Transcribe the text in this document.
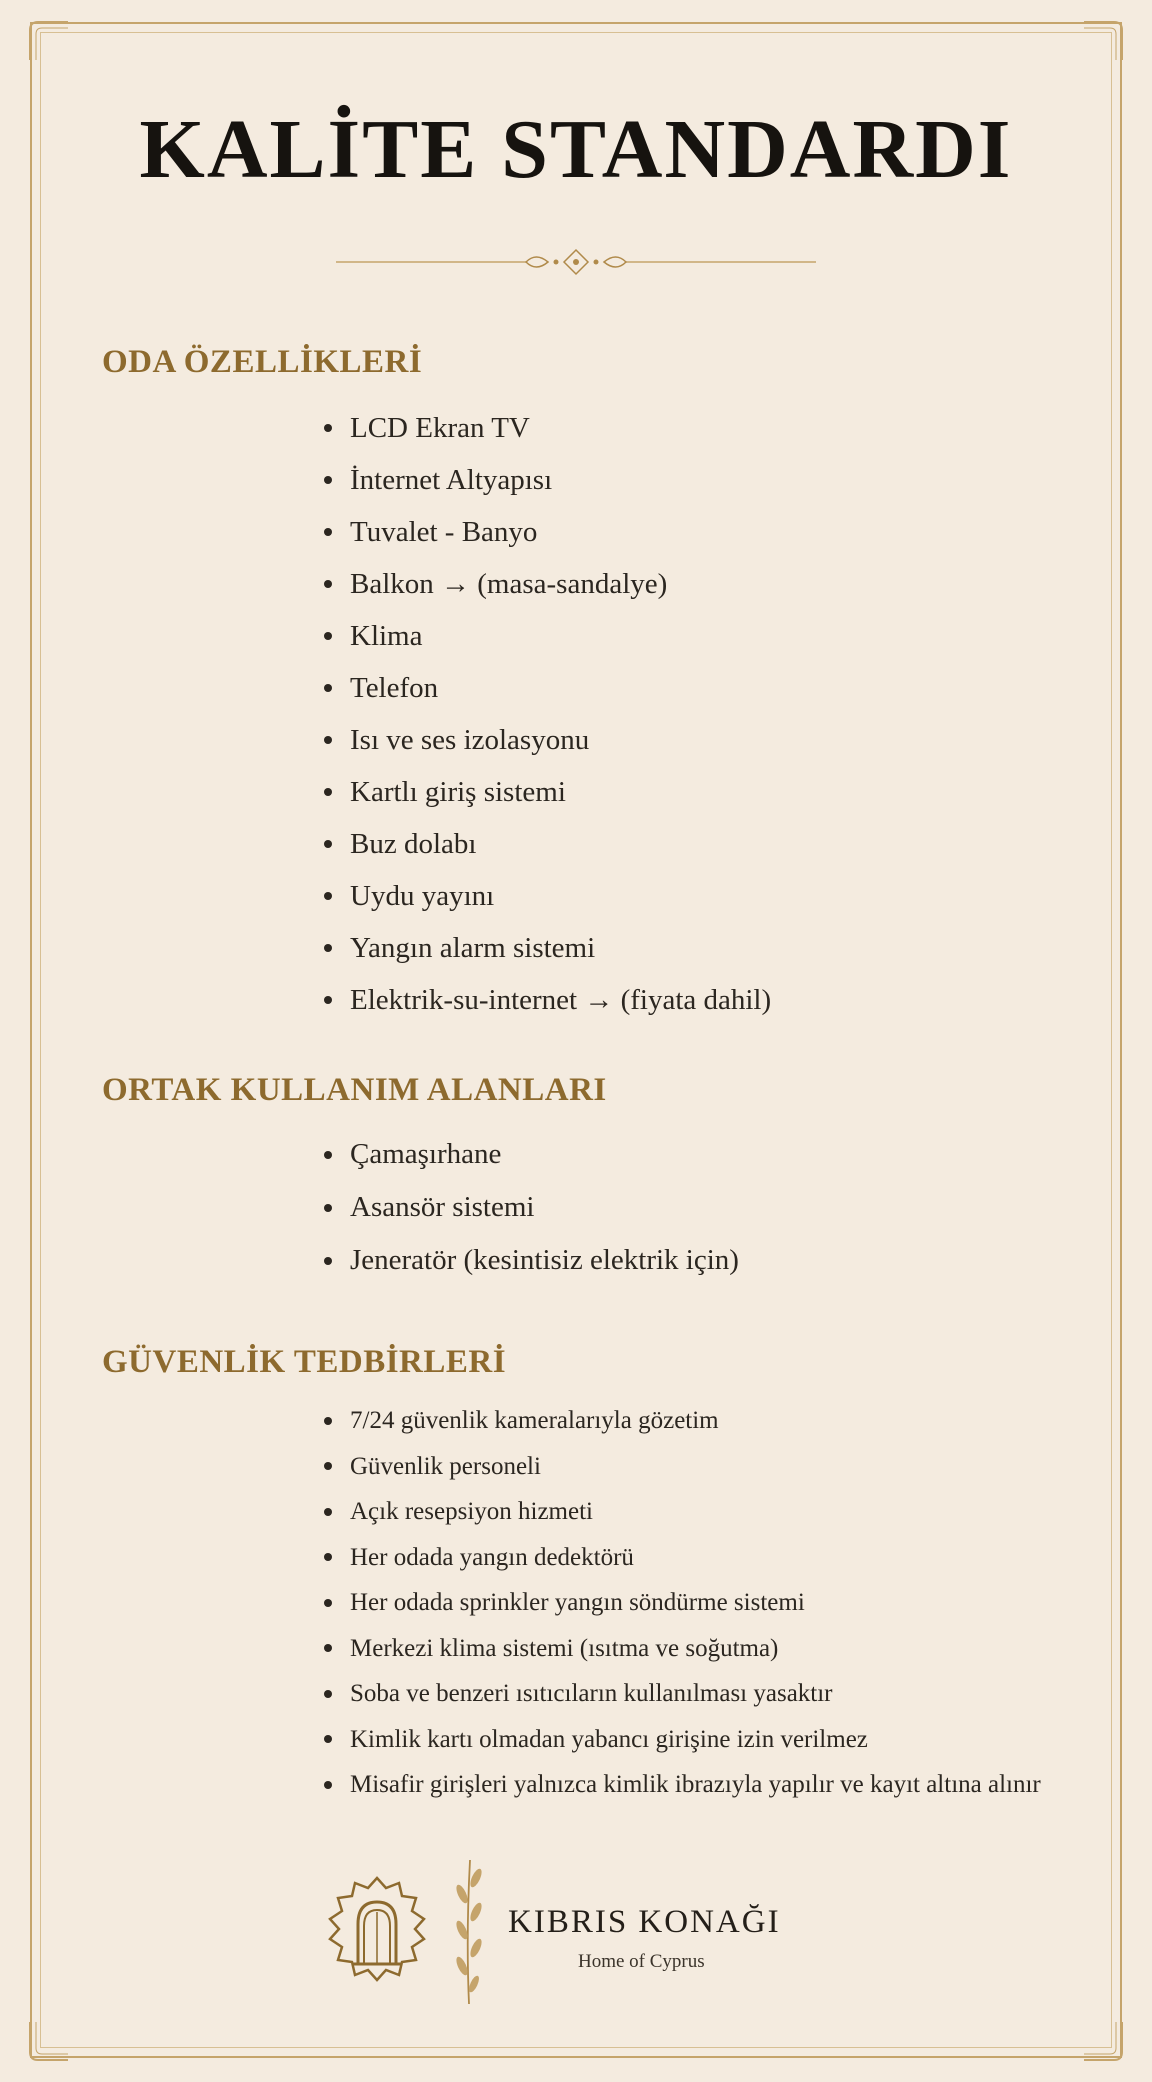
KALİTE STANDARDI
ODA ÖZELLİKLERİ
LCD Ekran TV
İnternet Altyapısı
Tuvalet - Banyo
Balkon → (masa-sandalye)
Klima
Telefon
Isı ve ses izolasyonu
Kartlı giriş sistemi
Buz dolabı
Uydu yayını
Yangın alarm sistemi
Elektrik-su-internet → (fiyata dahil)
ORTAK KULLANIM ALANLARI
Çamaşırhane
Asansör sistemi
Jeneratör (kesintisiz elektrik için)
GÜVENLİK TEDBİRLERİ
7/24 güvenlik kameralarıyla gözetim
Güvenlik personeli
Açık resepsiyon hizmeti
Her odada yangın dedektörü
Her odada sprinkler yangın söndürme sistemi
Merkezi klima sistemi (ısıtma ve soğutma)
Soba ve benzeri ısıtıcıların kullanılması yasaktır
Kimlik kartı olmadan yabancı girişine izin verilmez
Misafir girişleri yalnızca kimlik ibrazıyla yapılır ve kayıt altına alınır
KIBRIS KONAĞI
Home of Cyprus
